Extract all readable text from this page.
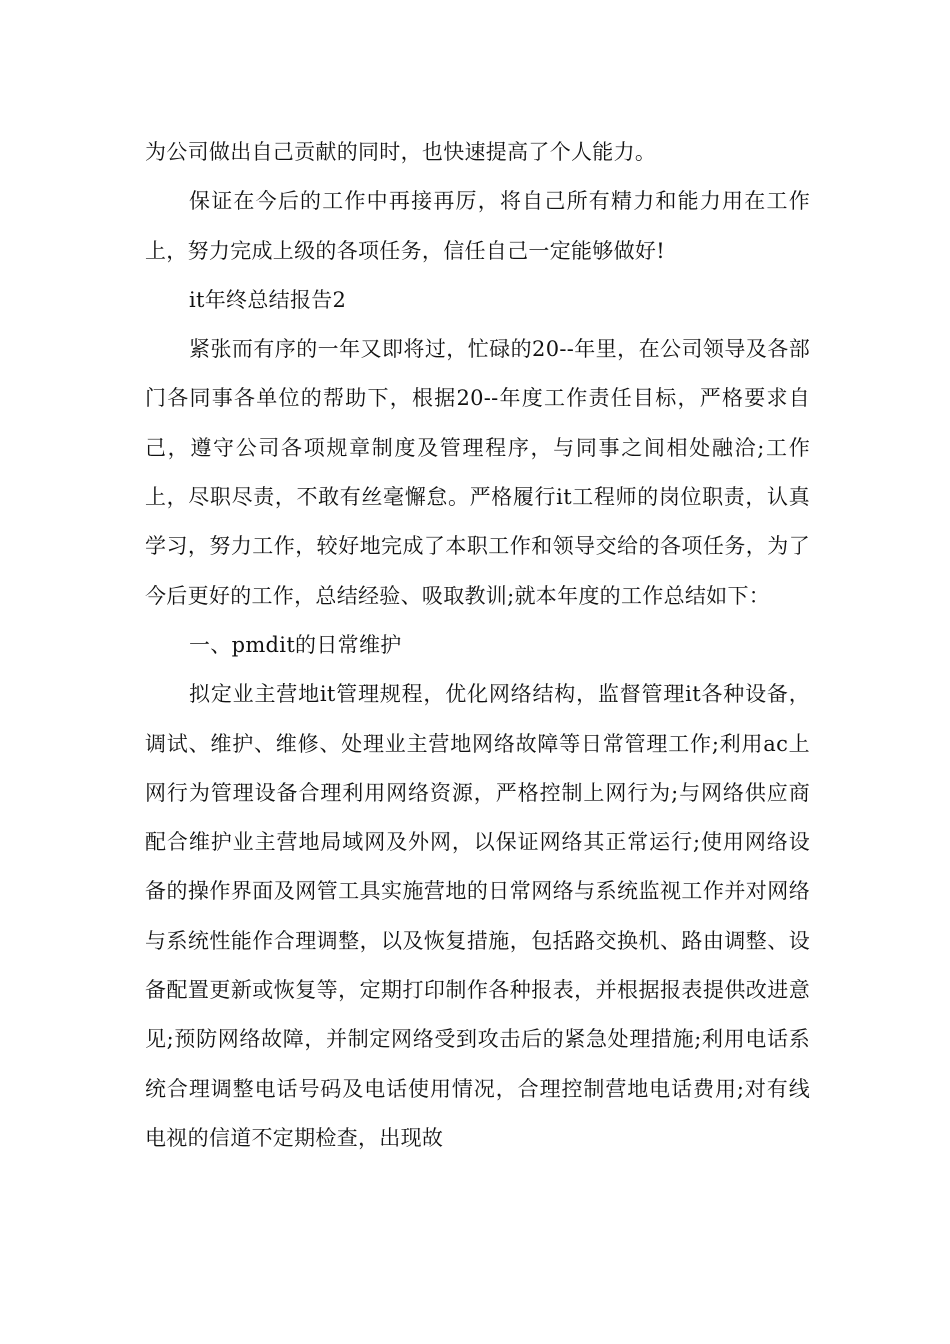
为公司做出自己贡献的同时，也快速提高了个人能力。

保证在今后的工作中再接再厉，将自己所有精力和能力用在工作上，努力完成上级的各项任务，信任自己一定能够做好!

it年终总结报告2

紧张而有序的一年又即将过，忙碌的20--年里，在公司领导及各部门各同事各单位的帮助下，根据20--年度工作责任目标，严格要求自己，遵守公司各项规章制度及管理程序，与同事之间相处融洽;工作上，尽职尽责，不敢有丝毫懈怠。严格履行it工程师的岗位职责，认真学习，努力工作，较好地完成了本职工作和领导交给的各项任务，为了今后更好的工作，总结经验、吸取教训;就本年度的工作总结如下：

一、pmdit的日常维护

拟定业主营地it管理规程，优化网络结构，监督管理it各种设备，调试、维护、维修、处理业主营地网络故障等日常管理工作;利用ac上网行为管理设备合理利用网络资源，严格控制上网行为;与网络供应商配合维护业主营地局域网及外网，以保证网络其正常运行;使用网络设备的操作界面及网管工具实施营地的日常网络与系统监视工作并对网络与系统性能作合理调整，以及恢复措施，包括路交换机、路由调整、设备配置更新或恢复等，定期打印制作各种报表，并根据报表提供改进意见;预防网络故障，并制定网络受到攻击后的紧急处理措施;利用电话系统合理调整电话号码及电话使用情况，合理控制营地电话费用;对有线电视的信道不定期检查，出现故
